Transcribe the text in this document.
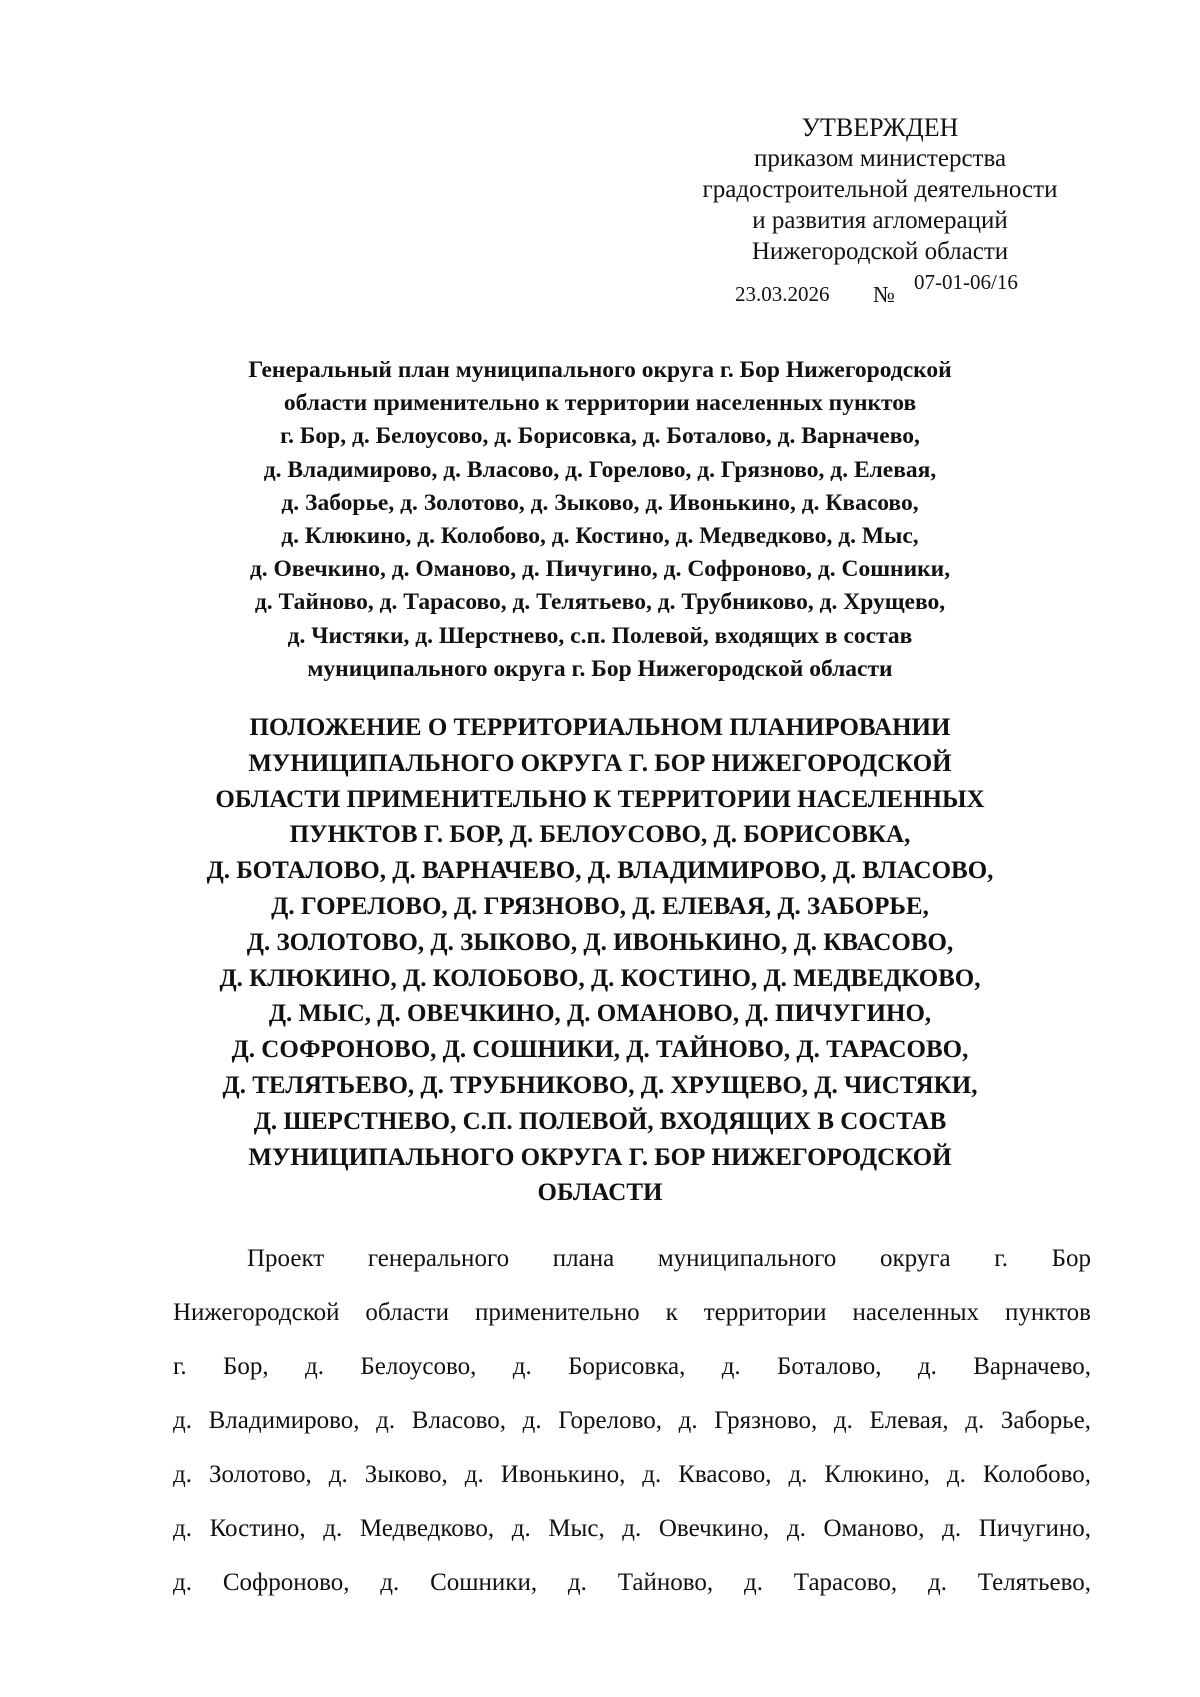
УТВЕРЖДЕН
приказом министерства
градостроительной деятельности
и развития агломераций
Нижегородской области
23.03.2026 № 07-01-06/16
Генеральный план муниципального округа г. Бор Нижегородской
области применительно к территории населенных пунктов
г. Бор, д. Белоусово, д. Борисовка, д. Боталово, д. Варначево,
д. Владимирово, д. Власово, д. Горелово, д. Грязново, д. Елевая,
д. Заборье, д. Золотово, д. Зыково, д. Ивонькино, д. Квасово,
д. Клюкино, д. Колобово, д. Костино, д. Медведково, д. Мыс,
д. Овечкино, д. Оманово, д. Пичугино, д. Софроново, д. Сошники,
д. Тайново, д. Тарасово, д. Телятьево, д. Трубниково, д. Хрущево,
д. Чистяки, д. Шерстнево, с.п. Полевой, входящих в состав
муниципального округа г. Бор Нижегородской области
ПОЛОЖЕНИЕ О ТЕРРИТОРИАЛЬНОМ ПЛАНИРОВАНИИ
МУНИЦИПАЛЬНОГО ОКРУГА Г. БОР НИЖЕГОРОДСКОЙ
ОБЛАСТИ ПРИМЕНИТЕЛЬНО К ТЕРРИТОРИИ НАСЕЛЕННЫХ
ПУНКТОВ Г. БОР, Д. БЕЛОУСОВО, Д. БОРИСОВКА,
Д. БОТАЛОВО, Д. ВАРНАЧЕВО, Д. ВЛАДИМИРОВО, Д. ВЛАСОВО,
Д. ГОРЕЛОВО, Д. ГРЯЗНОВО, Д. ЕЛЕВАЯ, Д. ЗАБОРЬЕ,
Д. ЗОЛОТОВО, Д. ЗЫКОВО, Д. ИВОНЬКИНО, Д. КВАСОВО,
Д. КЛЮКИНО, Д. КОЛОБОВО, Д. КОСТИНО, Д. МЕДВЕДКОВО,
Д. МЫС, Д. ОВЕЧКИНО, Д. ОМАНОВО, Д. ПИЧУГИНО,
Д. СОФРОНОВО, Д. СОШНИКИ, Д. ТАЙНОВО, Д. ТАРАСОВО,
Д. ТЕЛЯТЬЕВО, Д. ТРУБНИКОВО, Д. ХРУЩЕВО, Д. ЧИСТЯКИ,
Д. ШЕРСТНЕВО, С.П. ПОЛЕВОЙ, ВХОДЯЩИХ В СОСТАВ
МУНИЦИПАЛЬНОГО ОКРУГА Г. БОР НИЖЕГОРОДСКОЙ
ОБЛАСТИ
Проект генерального плана муниципального округа г. Бор
Нижегородской области применительно к территории населенных пунктов
г. Бор, д. Белоусово, д. Борисовка, д. Боталово, д. Варначево,
д. Владимирово, д. Власово, д. Горелово, д. Грязново, д. Елевая, д. Заборье,
д. Золотово, д. Зыково, д. Ивонькино, д. Квасово, д. Клюкино, д. Колобово,
д. Костино, д. Медведково, д. Мыс, д. Овечкино, д. Оманово, д. Пичугино,
д. Софроново, д. Сошники, д. Тайново, д. Тарасово, д. Телятьево,
